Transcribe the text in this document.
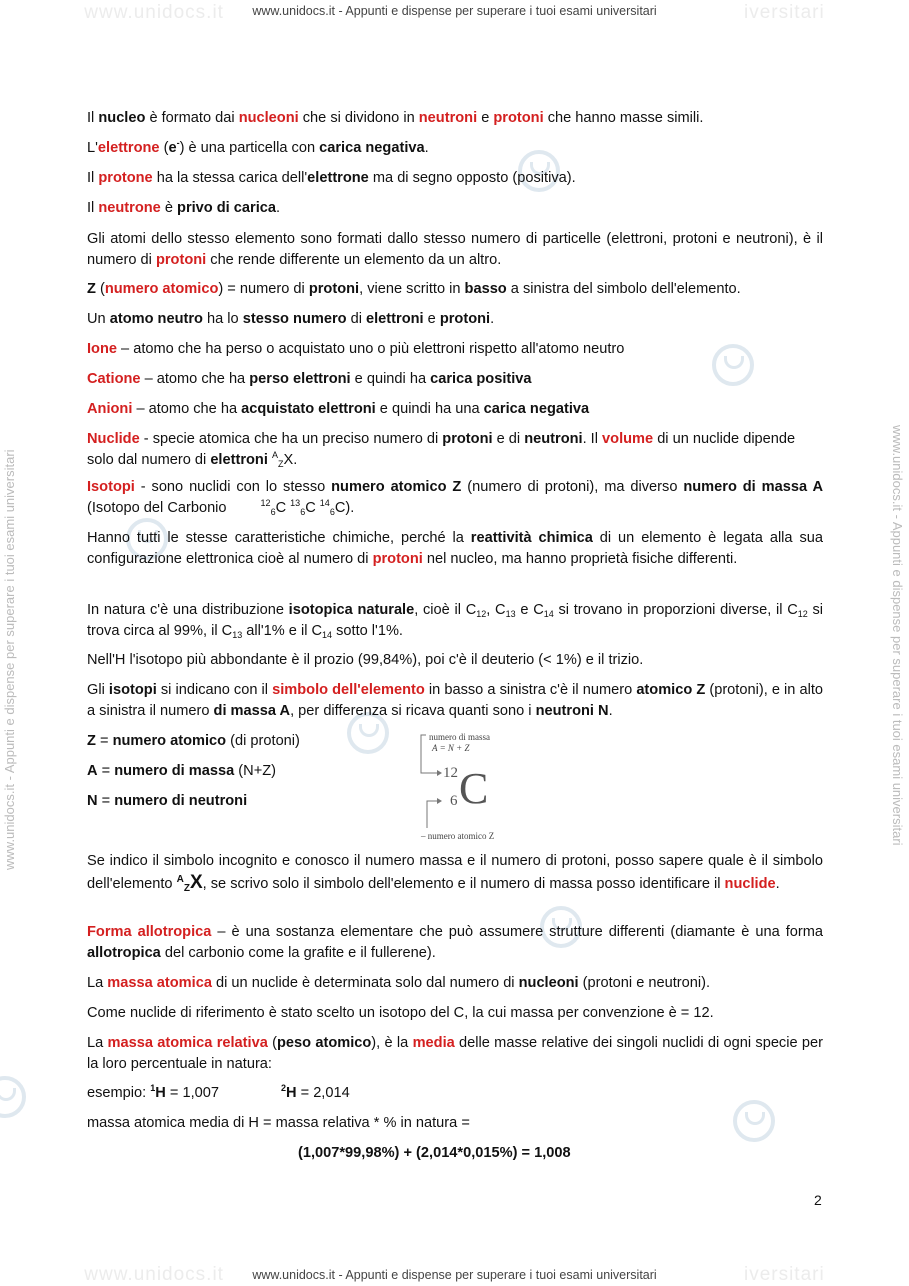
www.unidocs.it	iversitari
www.unidocs.it - Appunti e dispense per superare i tuoi esami universitari
www.unidocs.it	iversitari
www.unidocs.it - Appunti e dispense per superare i tuoi esami universitari
www.unidocs.it - Appunti e dispense per superare i tuoi esami universitari	www.unidocs.it - Appunti e dispense per superare i tuoi esami universitari

Il nucleo è formato dai nucleoni che si dividono in neutroni e protoni che hanno masse simili.

L'elettrone (e-) è una particella con carica negativa.

Il protone ha la stessa carica dell'elettrone ma di segno opposto (positiva).

Il neutrone è privo di carica.

Gli atomi dello stesso elemento sono formati dallo stesso numero di particelle (elettroni, protoni e neutroni), è il numero di protoni che rende differente un elemento da un altro.

Z (numero atomico) = numero di protoni, viene scritto in basso a sinistra del simbolo dell'elemento.

Un atomo neutro ha lo stesso numero di elettroni e protoni.

Ione – atomo che ha perso o acquistato uno o più elettroni rispetto all'atomo neutro

Catione – atomo che ha perso elettroni e quindi ha carica positiva

Anioni – atomo che ha acquistato elettroni e quindi ha una carica negativa

Nuclide - specie atomica che ha un preciso numero di protoni e di neutroni. Il volume di un nuclide dipende solo dal numero di elettroni $^A_Z$X.

Isotopi - sono nuclidi con lo stesso numero atomico Z (numero di protoni), ma diverso numero di massa A (Isotopo del Carbonio	$^{12}_6$C $^{13}_6$C $^{14}_6$C).

Hanno tutti le stesse caratteristiche chimiche, perché la reattività chimica di un elemento è legata alla sua configurazione elettronica cioè al numero di protoni nel nucleo, ma hanno proprietà fisiche differenti.

In natura c'è una distribuzione isotopica naturale, cioè il $C_{12}$, $C_{13}$ e $C_{14}$ si trovano in proporzioni diverse, il $C_{12}$ si trova circa al 99%, il $C_{13}$ all'1% e il $C_{14}$ sotto l'1%.

Nell'H l'isotopo più abbondante è il prozio (99,84%), poi c'è il deuterio (< 1%) e il trizio.

Gli isotopi si indicano con il simbolo dell'elemento in basso a sinistra c'è il numero atomico Z (protoni), e in alto a sinistra il numero di massa A, per differenza si ricava quanti sono i neutroni N.

Z = numero atomico (di protoni)

A = numero di massa (N+Z)

N = numero di neutroni

numero di massa
A = N + Z
12 C
6
– numero atomico Z

Se indico il simbolo incognito e conosco il numero massa e il numero di protoni, posso sapere quale è il simbolo dell'elemento $^A_Z$X, se scrivo solo il simbolo dell'elemento e il numero di massa posso identificare il nuclide.

Forma allotropica – è una sostanza elementare che può assumere strutture differenti (diamante è una forma allotropica del carbonio come la grafite e il fullerene).

La massa atomica di un nuclide è determinata solo dal numero di nucleoni (protoni e neutroni).

Come nuclide di riferimento è stato scelto un isotopo del C, la cui massa per convenzione è = 12.

La massa atomica relativa (peso atomico), è la media delle masse relative dei singoli nuclidi di ogni specie per la loro percentuale in natura:

esempio: $^1$H = 1,007	$^2$H = 2,014

massa atomica media di H = massa relativa * % in natura =

(1,007*99,98%) + (2,014*0,015%) = 1,008

2
